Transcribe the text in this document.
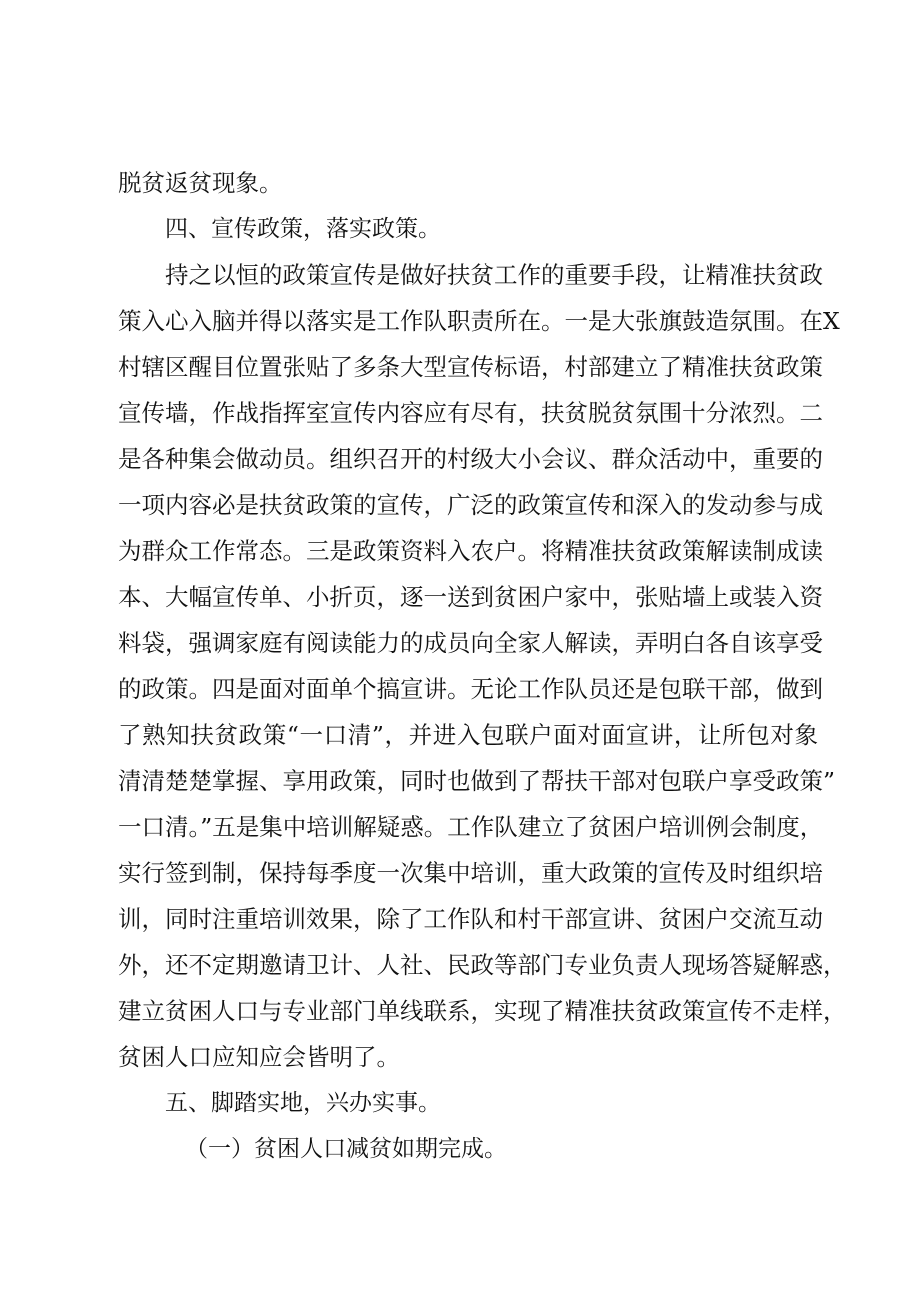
脱贫返贫现象。
四、宣传政策，落实政策。
持之以恒的政策宣传是做好扶贫工作的重要手段，让精准扶贫政
策入心入脑并得以落实是工作队职责所在。一是大张旗鼓造氛围。在X
村辖区醒目位置张贴了多条大型宣传标语，村部建立了精准扶贫政策
宣传墙，作战指挥室宣传内容应有尽有，扶贫脱贫氛围十分浓烈。二
是各种集会做动员。组织召开的村级大小会议、群众活动中，重要的
一项内容必是扶贫政策的宣传，广泛的政策宣传和深入的发动参与成
为群众工作常态。三是政策资料入农户。将精准扶贫政策解读制成读
本、大幅宣传单、小折页，逐一送到贫困户家中，张贴墙上或装入资
料袋，强调家庭有阅读能力的成员向全家人解读，弄明白各自该享受
的政策。四是面对面单个搞宣讲。无论工作队员还是包联干部，做到
了熟知扶贫政策“一口清”，并进入包联户面对面宣讲，让所包对象
清清楚楚掌握、享用政策，同时也做到了帮扶干部对包联户享受政策”
一口清。”五是集中培训解疑惑。工作队建立了贫困户培训例会制度，
实行签到制，保持每季度一次集中培训，重大政策的宣传及时组织培
训，同时注重培训效果，除了工作队和村干部宣讲、贫困户交流互动
外，还不定期邀请卫计、人社、民政等部门专业负责人现场答疑解惑，
建立贫困人口与专业部门单线联系，实现了精准扶贫政策宣传不走样，
贫困人口应知应会皆明了。
五、脚踏实地，兴办实事。
（一）贫困人口减贫如期完成。
